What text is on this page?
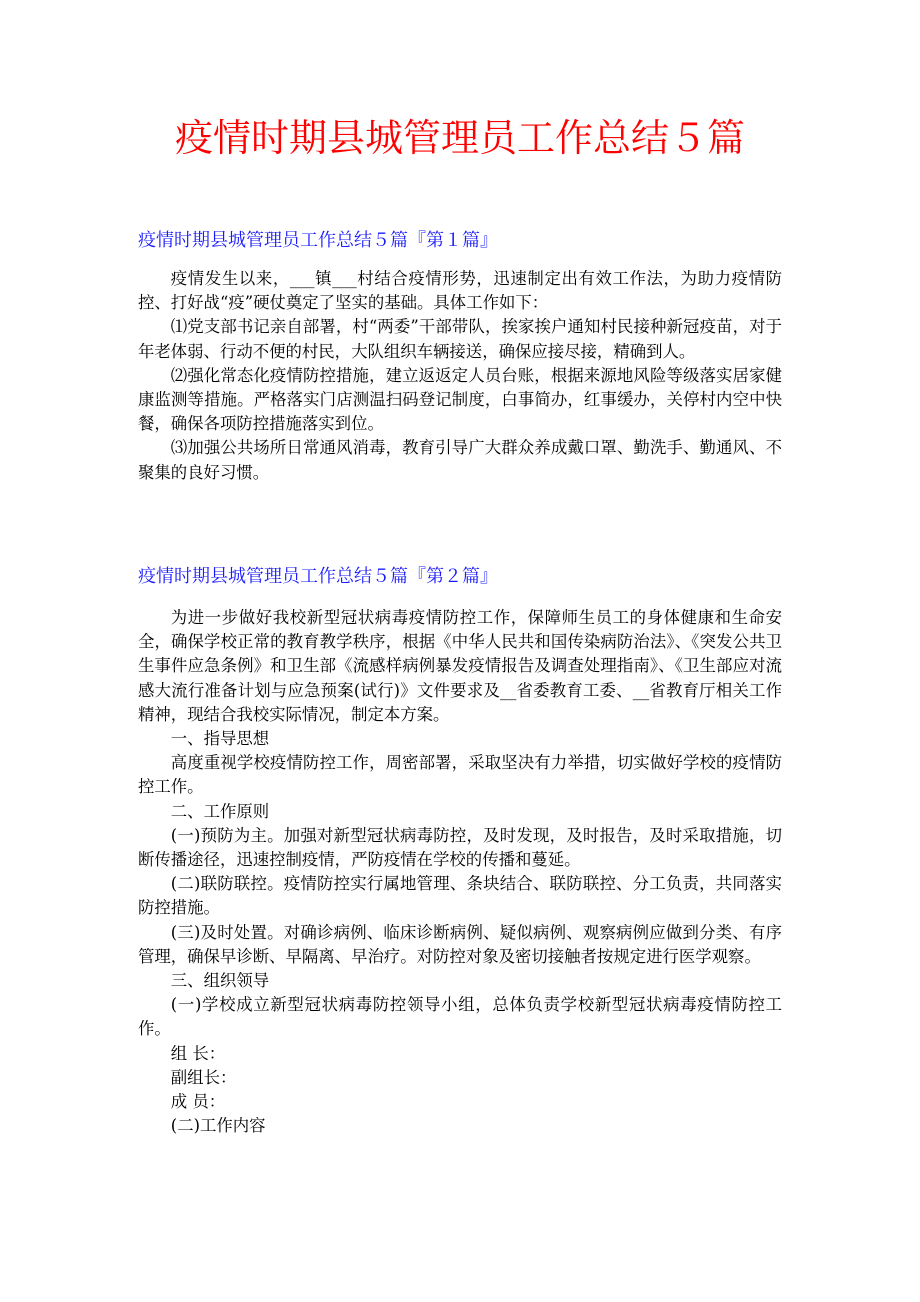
疫情时期县城管理员工作总结５篇
疫情时期县城管理员工作总结５篇『第１篇』

疫情发生以来，___镇___村结合疫情形势，迅速制定出有效工作法，为助力疫情防控、打好战“疫”硬仗奠定了坚实的基础。具体工作如下：

⑴党支部书记亲自部署，村“两委”干部带队，挨家挨户通知村民接种新冠疫苗，对于年老体弱、行动不便的村民，大队组织车辆接送，确保应接尽接，精确到人。

⑵强化常态化疫情防控措施，建立返返定人员台账，根据来源地风险等级落实居家健康监测等措施。严格落实门店测温扫码登记制度，白事简办，红事缓办，关停村内空中快餐，确保各项防控措施落实到位。

⑶加强公共场所日常通风消毒，教育引导广大群众养成戴口罩、勤洗手、勤通风、不聚集的良好习惯。

疫情时期县城管理员工作总结５篇『第２篇』

为进一步做好我校新型冠状病毒疫情防控工作，保障师生员工的身体健康和生命安全，确保学校正常的教育教学秩序，根据《中华人民共和国传染病防治法》、《突发公共卫生事件应急条例》和卫生部《流感样病例暴发疫情报告及调查处理指南》、《卫生部应对流感大流行准备计划与应急预案(试行)》文件要求及__省委教育工委、__省教育厅相关工作精神，现结合我校实际情况，制定本方案。

一、指导思想

高度重视学校疫情防控工作，周密部署，采取坚决有力举措，切实做好学校的疫情防控工作。

二、工作原则

(一)预防为主。加强对新型冠状病毒防控，及时发现，及时报告，及时采取措施，切断传播途径，迅速控制疫情，严防疫情在学校的传播和蔓延。

(二)联防联控。疫情防控实行属地管理、条块结合、联防联控、分工负责，共同落实防控措施。

(三)及时处置。对确诊病例、临床诊断病例、疑似病例、观察病例应做到分类、有序管理，确保早诊断、早隔离、早治疗。对防控对象及密切接触者按规定进行医学观察。

三、组织领导

(一)学校成立新型冠状病毒防控领导小组，总体负责学校新型冠状病毒疫情防控工作。

组 长：

副组长：

成 员：

(二)工作内容
